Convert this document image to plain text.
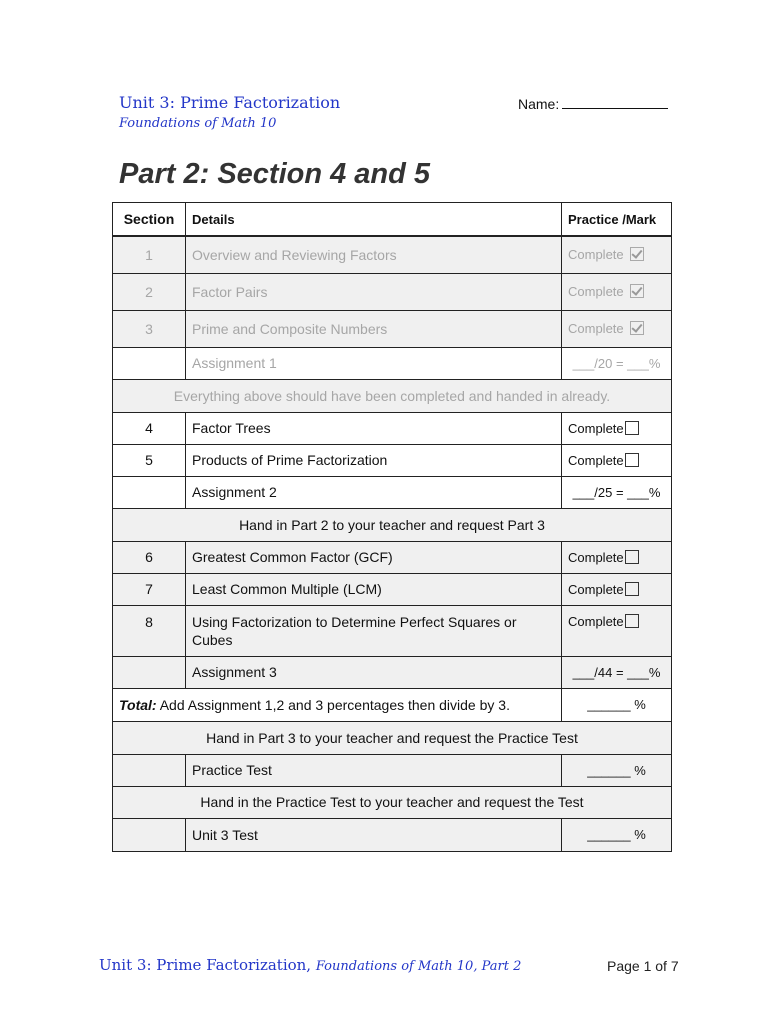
Unit 3: Prime Factorization
Foundations of Math 10
Name:
Part 2: Section 4 and 5
Section	Details	Practice /Mark
1	Overview and Reviewing Factors	Complete
2	Factor Pairs	Complete
3	Prime and Composite Numbers	Complete
	Assignment 1	___/20 = ___%
Everything above should have been completed and handed in already.		
4	Factor Trees	Complete
5	Products of Prime Factorization	Complete
	Assignment 2	___/25 = ___%
Hand in Part 2 to your teacher and request Part 3		
6	Greatest Common Factor (GCF)	Complete
7	Least Common Multiple (LCM)	Complete
8	Using Factorization to Determine Perfect Squares or Cubes	Complete
	Assignment 3	___/44 = ___%
Total: Add Assignment 1,2 and 3 percentages then divide by 3.		______ %
Hand in Part 3 to your teacher and request the Practice Test		
	Practice Test	______ %
Hand in the Practice Test to your teacher and request the Test		
	Unit 3 Test	______ %
Unit 3: Prime Factorization, Foundations of Math 10, Part 2	Page 1 of 7
